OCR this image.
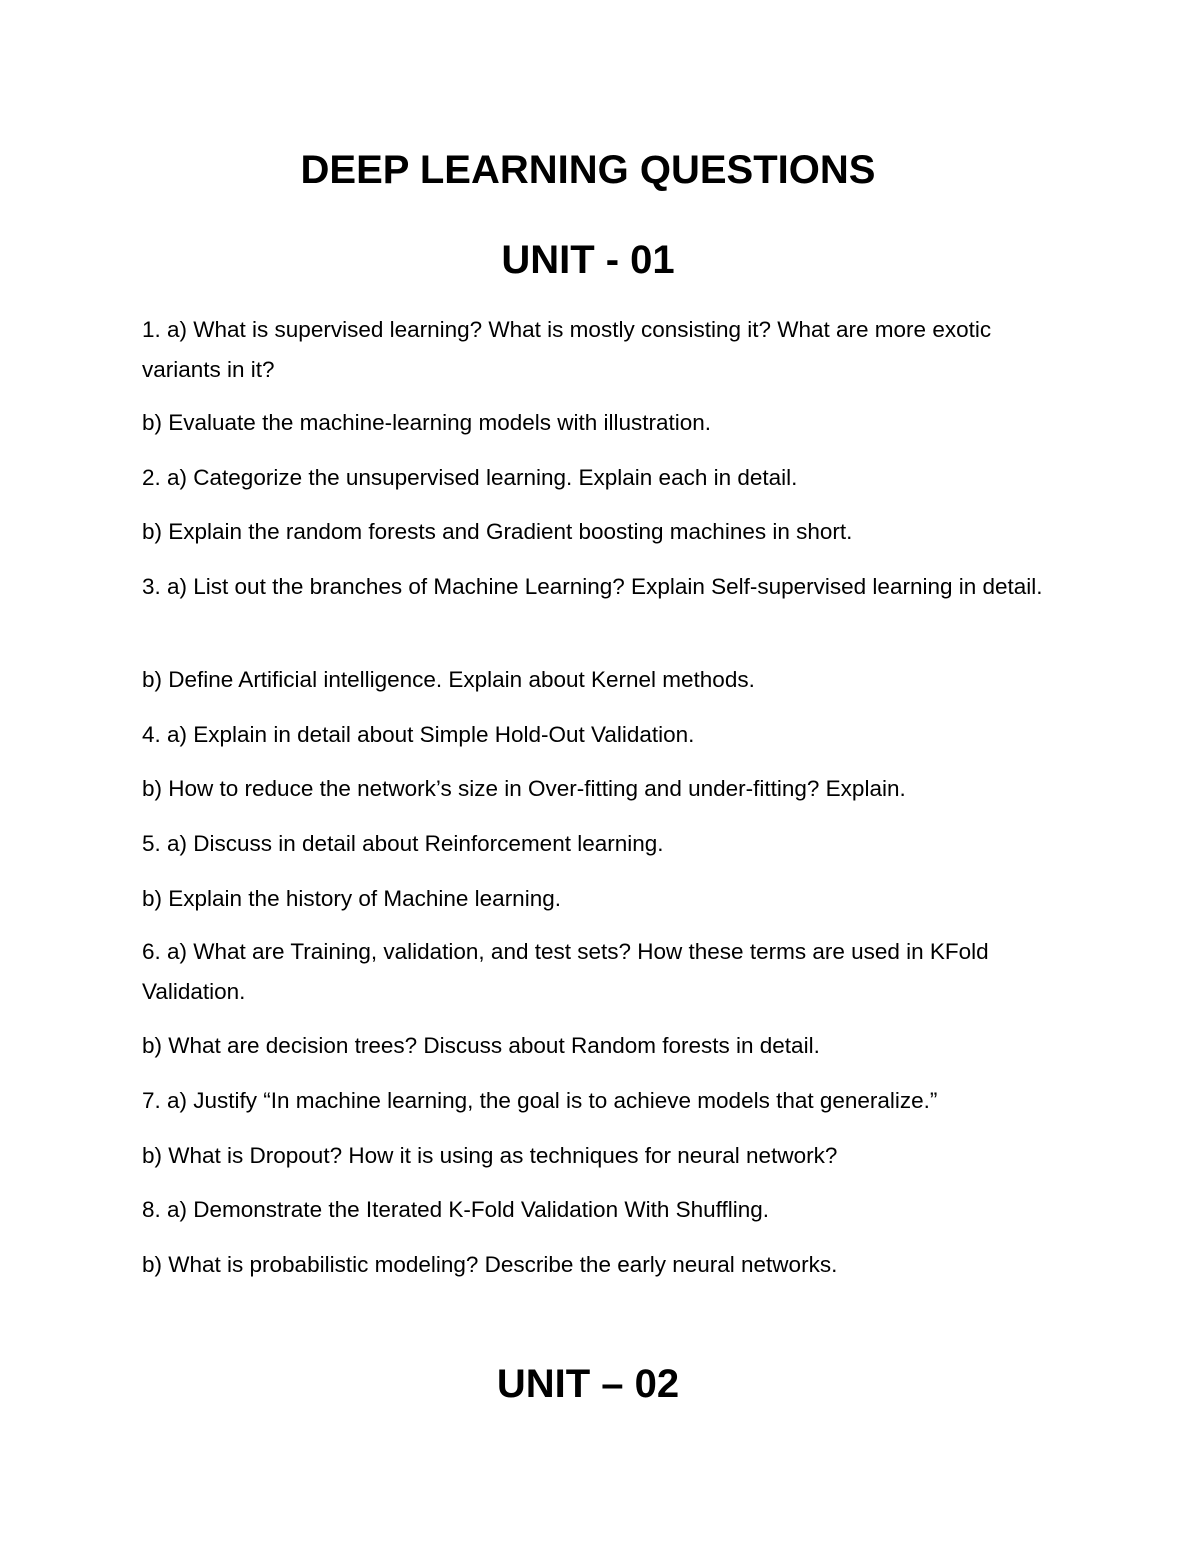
DEEP LEARNING QUESTIONS
UNIT - 01
1. a) What is supervised learning? What is mostly consisting it? What are more exotic variants in it?
b) Evaluate the machine-learning models with illustration.
2. a) Categorize the unsupervised learning. Explain each in detail.
b) Explain the random forests and Gradient boosting machines in short.
3. a) List out the branches of Machine Learning? Explain Self-supervised learning in detail.
b) Define Artificial intelligence. Explain about Kernel methods.
4. a) Explain in detail about Simple Hold-Out Validation.
b) How to reduce the network’s size in Over-fitting and under-fitting? Explain.
5. a) Discuss in detail about Reinforcement learning.
b) Explain the history of Machine learning.
6. a) What are Training, validation, and test sets? How these terms are used in KFold Validation.
b) What are decision trees? Discuss about Random forests in detail.
7. a) Justify “In machine learning, the goal is to achieve models that generalize.”
b) What is Dropout? How it is using as techniques for neural network?
8. a) Demonstrate the Iterated K-Fold Validation With Shuffling.
b) What is probabilistic modeling? Describe the early neural networks.
UNIT – 02
